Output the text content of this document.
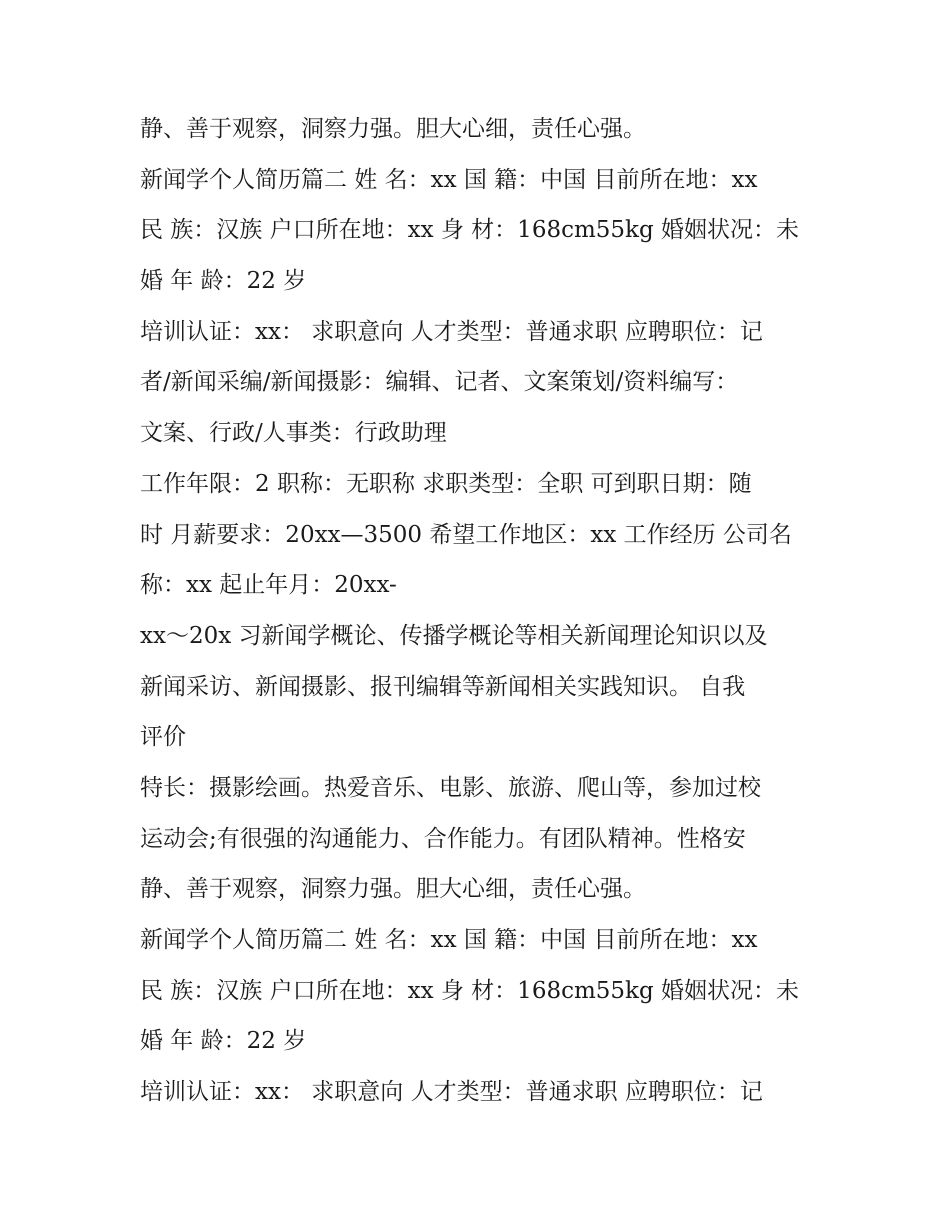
静、善于观察，洞察力强。胆大心细，责任心强。
新闻学个人简历篇二 姓 名：xx 国 籍：中国 目前所在地：xx
民 族：汉族 户口所在地：xx 身 材：168cm55kg 婚姻状况：未
婚 年 龄：22 岁
培训认证：xx： 求职意向 人才类型：普通求职 应聘职位：记
者/新闻采编/新闻摄影：编辑、记者、文案策划/资料编写：
文案、行政/人事类：行政助理
工作年限：2 职称：无职称 求职类型：全职 可到职日期：随
时 月薪要求：20xx—3500 希望工作地区：xx 工作经历 公司名
称：xx 起止年月：20xx-
xx～20x 习新闻学概论、传播学概论等相关新闻理论知识以及
新闻采访、新闻摄影、报刊编辑等新闻相关实践知识。 自我
评价
特长：摄影绘画。热爱音乐、电影、旅游、爬山等，参加过校
运动会;有很强的沟通能力、合作能力。有团队精神。性格安
静、善于观察，洞察力强。胆大心细，责任心强。
新闻学个人简历篇二 姓 名：xx 国 籍：中国 目前所在地：xx
民 族：汉族 户口所在地：xx 身 材：168cm55kg 婚姻状况：未
婚 年 龄：22 岁
培训认证：xx： 求职意向 人才类型：普通求职 应聘职位：记
